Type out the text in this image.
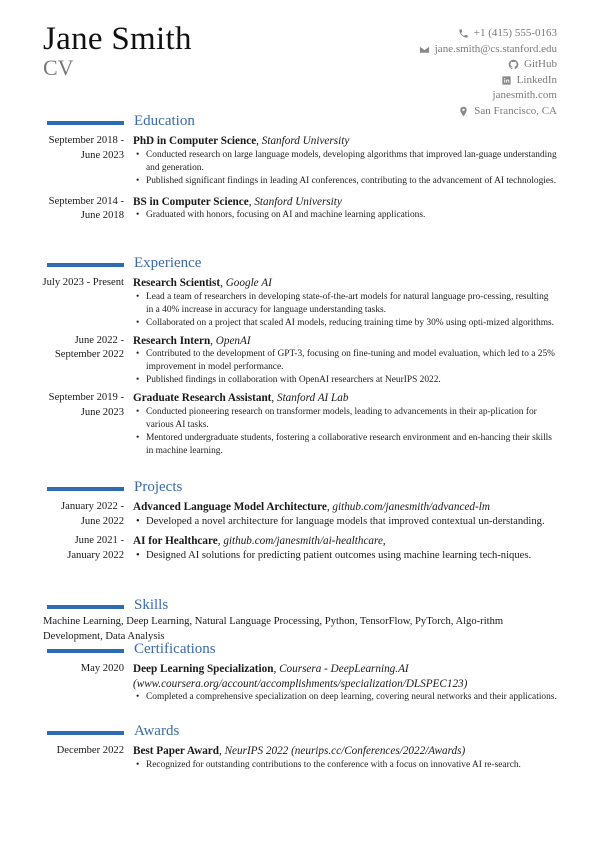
Jane Smith
CV
+1 (415) 555-0163
jane.smith@cs.stanford.edu
GitHub
LinkedIn
janesmith.com
San Francisco, CA
Education
September 2018 - June 2023
PhD in Computer Science, Stanford University
• Conducted research on large language models, developing algorithms that improved lan-guage understanding and generation.
• Published significant findings in leading AI conferences, contributing to the advancement of AI technologies.
September 2014 - June 2018
BS in Computer Science, Stanford University
• Graduated with honors, focusing on AI and machine learning applications.
Experience
July 2023 - Present Research Scientist, Google AI
• Lead a team of researchers in developing state-of-the-art models for natural language pro-cessing, resulting in a 40% increase in accuracy for language understanding tasks.
• Collaborated on a project that scaled AI models, reducing training time by 30% using opti-mized algorithms.
June 2022 - September 2022
Research Intern, OpenAI
• Contributed to the development of GPT-3, focusing on fine-tuning and model evaluation, which led to a 25% improvement in model performance.
• Published findings in collaboration with OpenAI researchers at NeurIPS 2022.
September 2019 - June 2023
Graduate Research Assistant, Stanford AI Lab
• Conducted pioneering research on transformer models, leading to advancements in their ap-plication for various AI tasks.
• Mentored undergraduate students, fostering a collaborative research environment and en-hancing their skills in machine learning.
Projects
January 2022 - June 2022
Advanced Language Model Architecture, github.com/janesmith/advanced-lm
• Developed a novel architecture for language models that improved contextual un-derstanding.
June 2021 - January 2022
AI for Healthcare, github.com/janesmith/ai-healthcare,
• Designed AI solutions for predicting patient outcomes using machine learning tech-niques.
Skills
Machine Learning, Deep Learning, Natural Language Processing, Python, TensorFlow, PyTorch, Algo-rithm Development, Data Analysis
Certifications
May 2020 Deep Learning Specialization, Coursera - DeepLearning.AI (www.coursera.org/account/accomplishments/specialization/DLSPEC123)
• Completed a comprehensive specialization on deep learning, covering neural networks and their applications.
Awards
December 2022 Best Paper Award, NeurIPS 2022 (neurips.cc/Conferences/2022/Awards)
• Recognized for outstanding contributions to the conference with a focus on innovative AI re-search.
